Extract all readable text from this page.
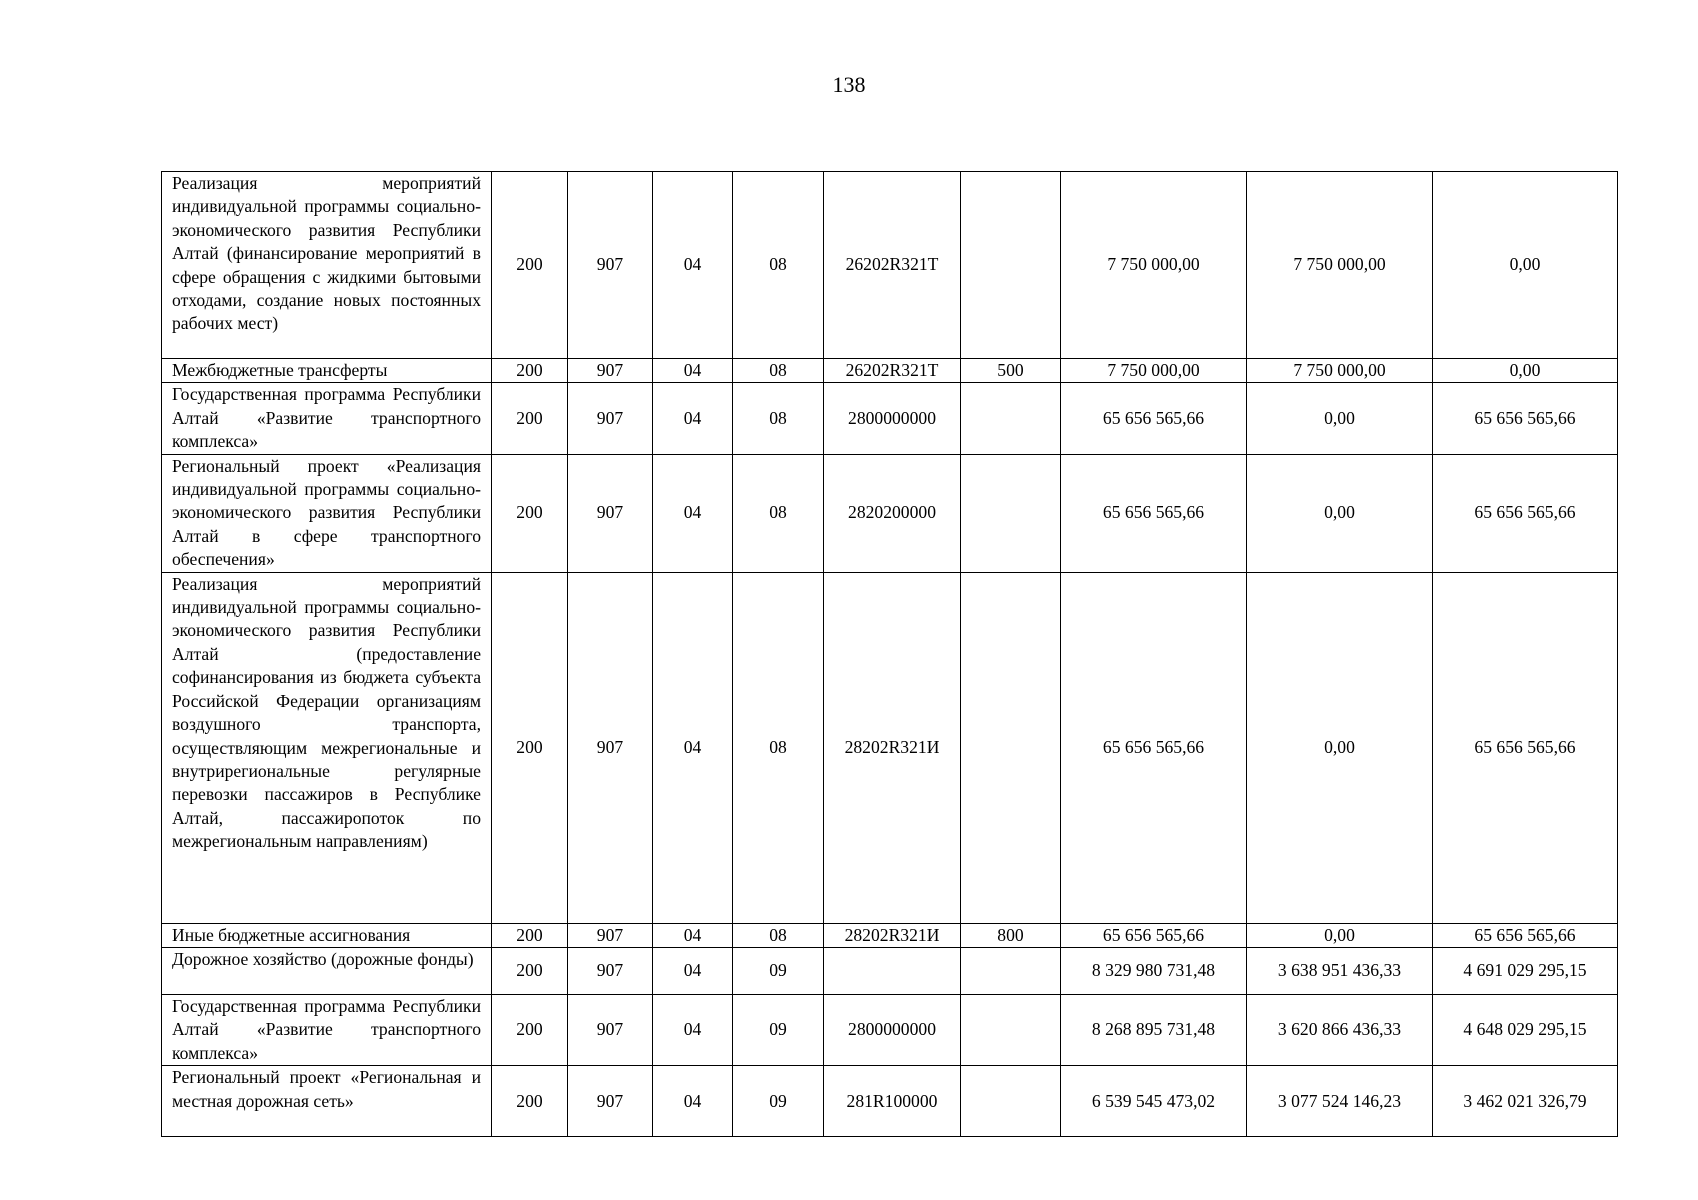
138
Реализация мероприятий индивидуальной программы социально-экономического развития Республики Алтай (финансирование мероприятий в сфере обращения с жидкими бытовыми отходами, создание новых постоянных рабочих мест)	200	907	04	08	26202R321Т		7 750 000,00	7 750 000,00	0,00
Межбюджетные трансферты	200	907	04	08	26202R321Т	500	7 750 000,00	7 750 000,00	0,00
Государственная программа Республики Алтай «Развитие транспортного комплекса»	200	907	04	08	2800000000		65 656 565,66	0,00	65 656 565,66
Региональный проект «Реализация индивидуальной программы социально-экономического развития Республики Алтай в сфере транспортного обеспечения»	200	907	04	08	2820200000		65 656 565,66	0,00	65 656 565,66
Реализация мероприятий индивидуальной программы социально-экономического развития Республики Алтай (предоставление софинансирования из бюджета субъекта Российской Федерации организациям воздушного транспорта, осуществляющим межрегиональные и внутрирегиональные регулярные перевозки пассажиров в Республике Алтай, пассажиропоток по межрегиональным направлениям)	200	907	04	08	28202R321И		65 656 565,66	0,00	65 656 565,66
Иные бюджетные ассигнования	200	907	04	08	28202R321И	800	65 656 565,66	0,00	65 656 565,66
Дорожное хозяйство (дорожные фонды)	200	907	04	09			8 329 980 731,48	3 638 951 436,33	4 691 029 295,15
Государственная программа Республики Алтай «Развитие транспортного комплекса»	200	907	04	09	2800000000		8 268 895 731,48	3 620 866 436,33	4 648 029 295,15
Региональный проект «Региональная и местная дорожная сеть»	200	907	04	09	281R100000		6 539 545 473,02	3 077 524 146,23	3 462 021 326,79
